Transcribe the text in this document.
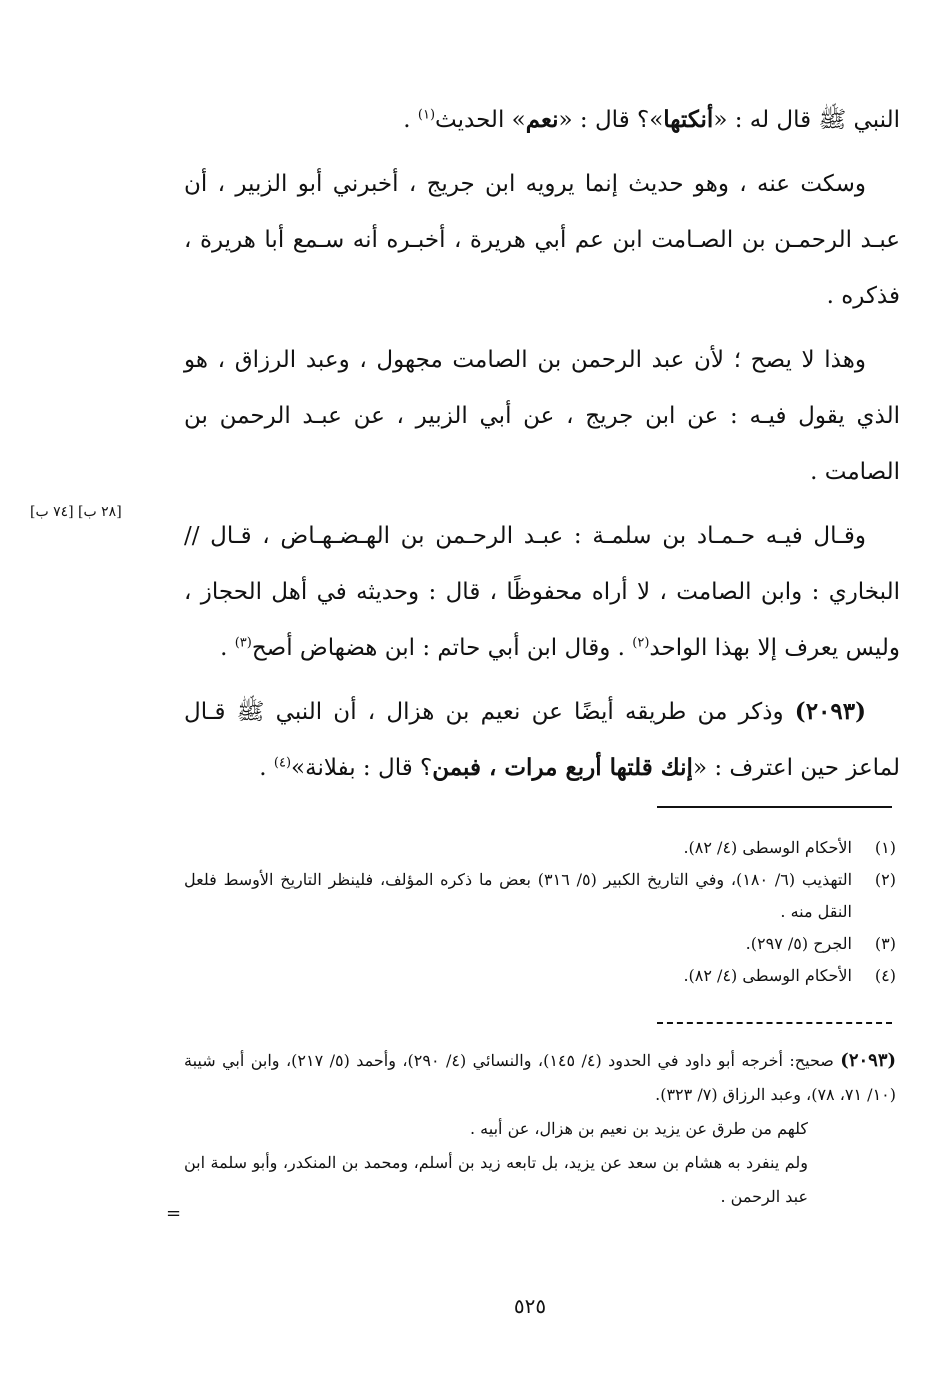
النبي ﷺ قال له : «أنكتها»؟ قال : «نعم» الحديث$^{(١)}$ .

وسكت عنه ، وهو حديث إنما يرويه ابن جريج ، أخبرني أبو الزبير ، أن عبـد الرحمـن بن الصـامت ابن عم أبي هريرة ، أخبـره أنه سـمع أبا هريرة ، فذكره .

وهذا لا يصح ؛ لأن عبد الرحمن بن الصامت مجهول ، وعبد الرزاق ، هو الذي يقول فيـه : عن ابن جريج ، عن أبي الزبير ، عن عبـد الرحمن بن الصامت .

وقـال فيـه حـمـاد بن سلمـة : عبـد الرحـمن بن الهـضـهـاض ، قـال // البخاري : وابن الصامت ، لا أراه محفوظًا ، قال : وحديثه في أهل الحجاز ، وليس يعرف إلا بهذا الواحد$^{(٢)}$ . وقال ابن أبي حاتم : ابن هضهاض أصح$^{(٣)}$ .

(٢٠٩٣) وذكر من طريقه أيضًا عن نعيم بن هزال ، أن النبي ﷺ قـال لماعز حين اعترف : «إنك قلتها أربع مرات ، فبمن؟ قال : بفلانة»$^{(٤)}$ .

[٢٨ ب] [٧٤ ب]
(١)
الأحكام الوسطى (٤/ ٨٢).
(٢)
التهذيب (٦/ ١٨٠)، وفي التاريخ الكبير (٥/ ٣١٦) بعض ما ذكره المؤلف، فلينظر التاريخ الأوسط فلعل النقل منه .
(٣)
الجرح (٥/ ٢٩٧).
(٤)
الأحكام الوسطى (٤/ ٨٢).
(٢٠٩٣) صحيح: أخرجه أبو داود في الحدود (٤/ ١٤٥)، والنسائي (٤/ ٢٩٠)، وأحمد (٥/ ٢١٧)، وابن أبي شيبة (١٠/ ٧١، ٧٨)، وعبد الرزاق (٧/ ٣٢٣).
كلهم من طرق عن يزيد بن نعيم بن هزال، عن أبيه .
ولم ينفرد به هشام بن سعد عن يزيد، بل تابعه زيد بن أسلم، ومحمد بن المنكدر، وأبو سلمة ابن عبد الرحمن .
=
٥٢٥
